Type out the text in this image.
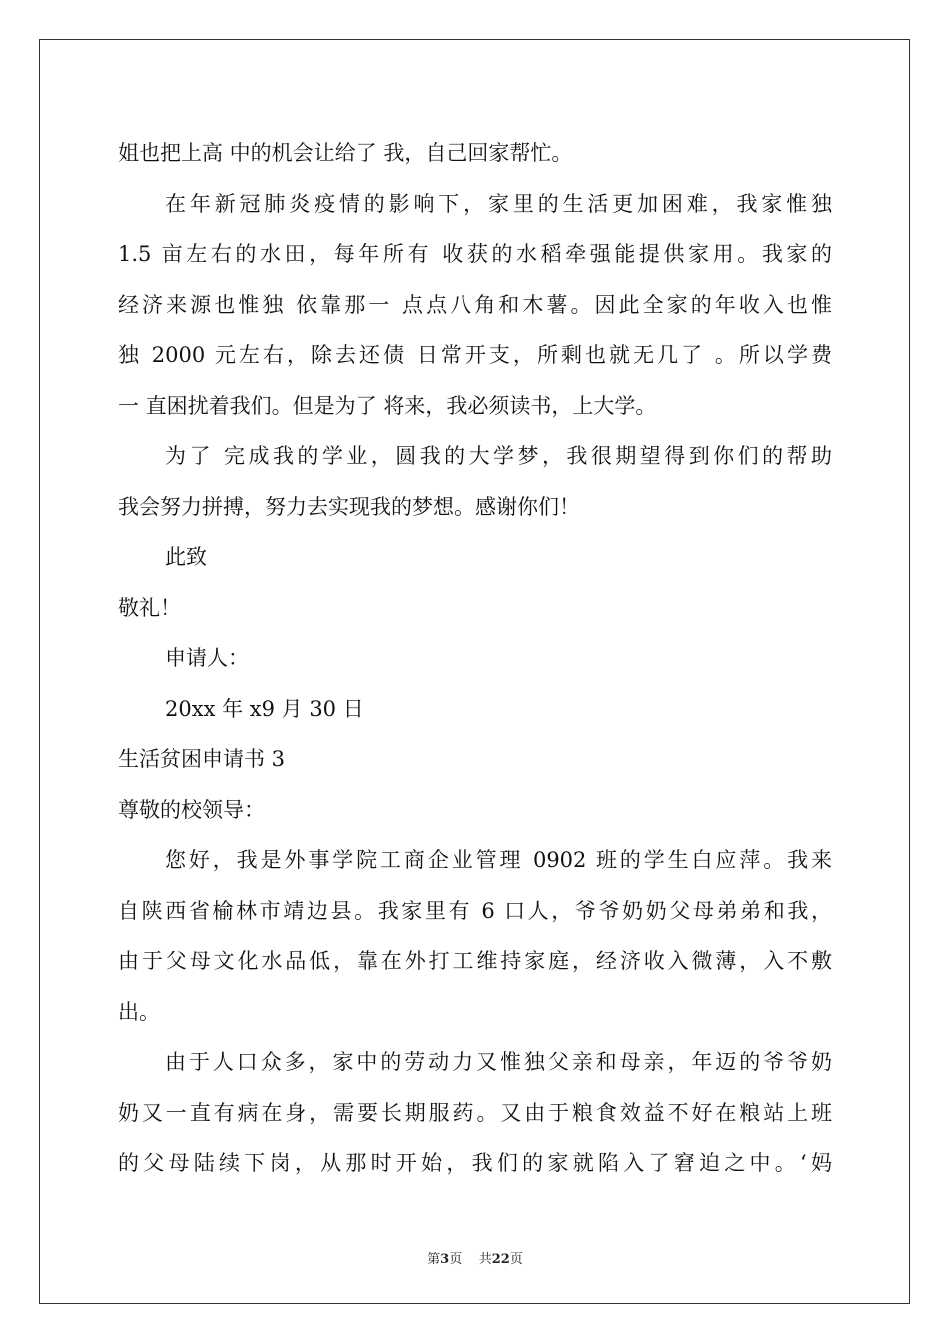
姐也把上高 中的机会让给了 我，自己回家帮忙。
在年新冠肺炎疫情的影响下，家里的生活更加困难，我家惟独
1.5 亩左右的水田，每年所有 收获的水稻牵强能提供家用。我家的
经济来源也惟独 依靠那一 点点八角和木薯。因此全家的年收入也惟
独 2000 元左右，除去还债 日常开支，所剩也就无几了 。所以学费
一 直困扰着我们。但是为了 将来，我必须读书，上大学。
为了 完成我的学业，圆我的大学梦，我很期望得到你们的帮助
我会努力拼搏，努力去实现我的梦想。感谢你们！
此致
敬礼！
申请人：
20xx 年 x9 月 30 日
生活贫困申请书 3
尊敬的校领导：
您好，我是外事学院工商企业管理 0902 班的学生白应萍。我来
自陕西省榆林市靖边县。我家里有 6 口人，爷爷奶奶父母弟弟和我，
由于父母文化水品低，靠在外打工维持家庭，经济收入微薄，入不敷
出。
由于人口众多，家中的劳动力又惟独父亲和母亲，年迈的爷爷奶
奶又一直有病在身，需要长期服药。又由于粮食效益不好在粮站上班
的父母陆续下岗，从那时开始，我们的家就陷入了窘迫之中。‘妈
第3页 共22页
